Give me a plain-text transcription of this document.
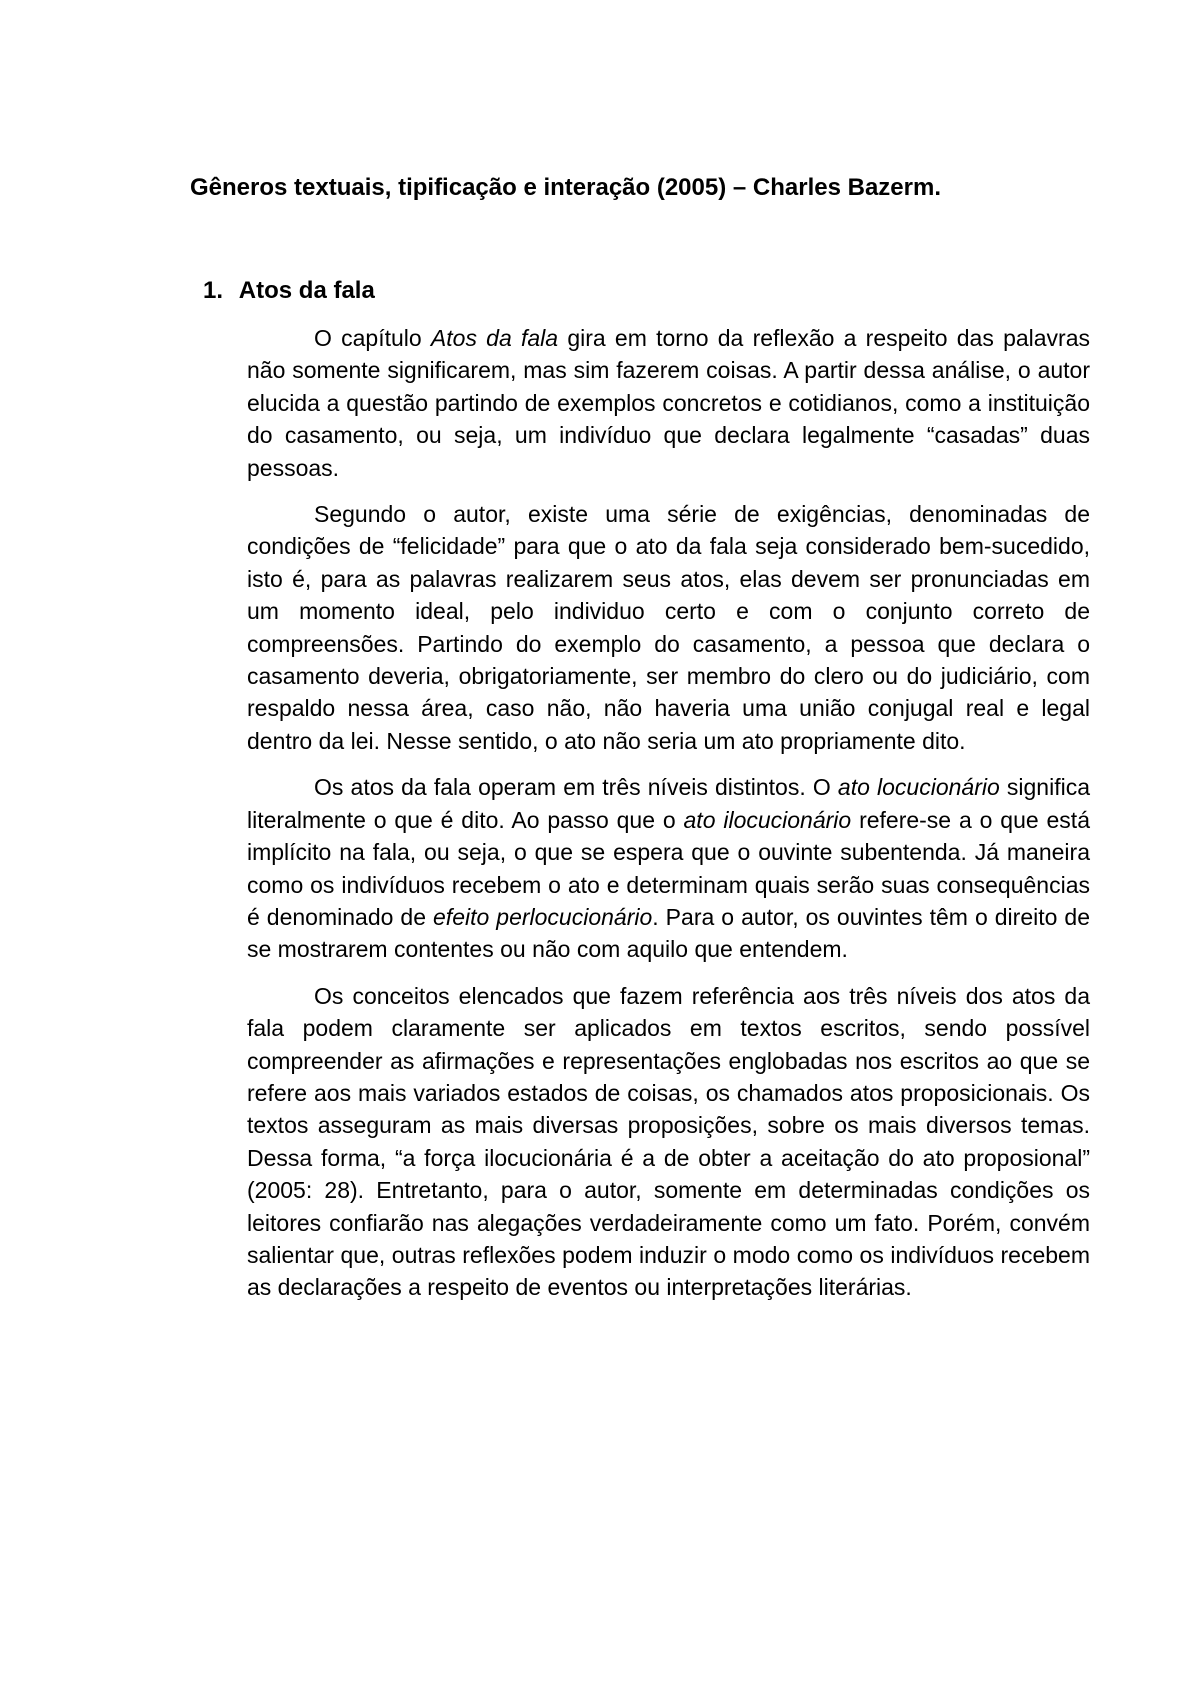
Gêneros textuais, tipificação e interação (2005) – Charles Bazerm.
1. Atos da fala

O capítulo Atos da fala gira em torno da reflexão a respeito das palavras não somente significarem, mas sim fazerem coisas. A partir dessa análise, o autor elucida a questão partindo de exemplos concretos e cotidianos, como a instituição do casamento, ou seja, um indivíduo que declara legalmente “casadas” duas pessoas.

Segundo o autor, existe uma série de exigências, denominadas de condições de “felicidade” para que o ato da fala seja considerado bem-sucedido, isto é, para as palavras realizarem seus atos, elas devem ser pronunciadas em um momento ideal, pelo individuo certo e com o conjunto correto de compreensões. Partindo do exemplo do casamento, a pessoa que declara o casamento deveria, obrigatoriamente, ser membro do clero ou do judiciário, com respaldo nessa área, caso não, não haveria uma união conjugal real e legal dentro da lei. Nesse sentido, o ato não seria um ato propriamente dito.

Os atos da fala operam em três níveis distintos. O ato locucionário significa literalmente o que é dito. Ao passo que o ato ilocucionário refere-se a o que está implícito na fala, ou seja, o que se espera que o ouvinte subentenda. Já maneira como os indivíduos recebem o ato e determinam quais serão suas consequências é denominado de efeito perlocucionário. Para o autor, os ouvintes têm o direito de se mostrarem contentes ou não com aquilo que entendem.

Os conceitos elencados que fazem referência aos três níveis dos atos da fala podem claramente ser aplicados em textos escritos, sendo possível compreender as afirmações e representações englobadas nos escritos ao que se refere aos mais variados estados de coisas, os chamados atos proposicionais. Os textos asseguram as mais diversas proposições, sobre os mais diversos temas. Dessa forma, “a força ilocucionária é a de obter a aceitação do ato proposional” (2005: 28). Entretanto, para o autor, somente em determinadas condições os leitores confiarão nas alegações verdadeiramente como um fato. Porém, convém salientar que, outras reflexões podem induzir o modo como os indivíduos recebem as declarações a respeito de eventos ou interpretações literárias.
